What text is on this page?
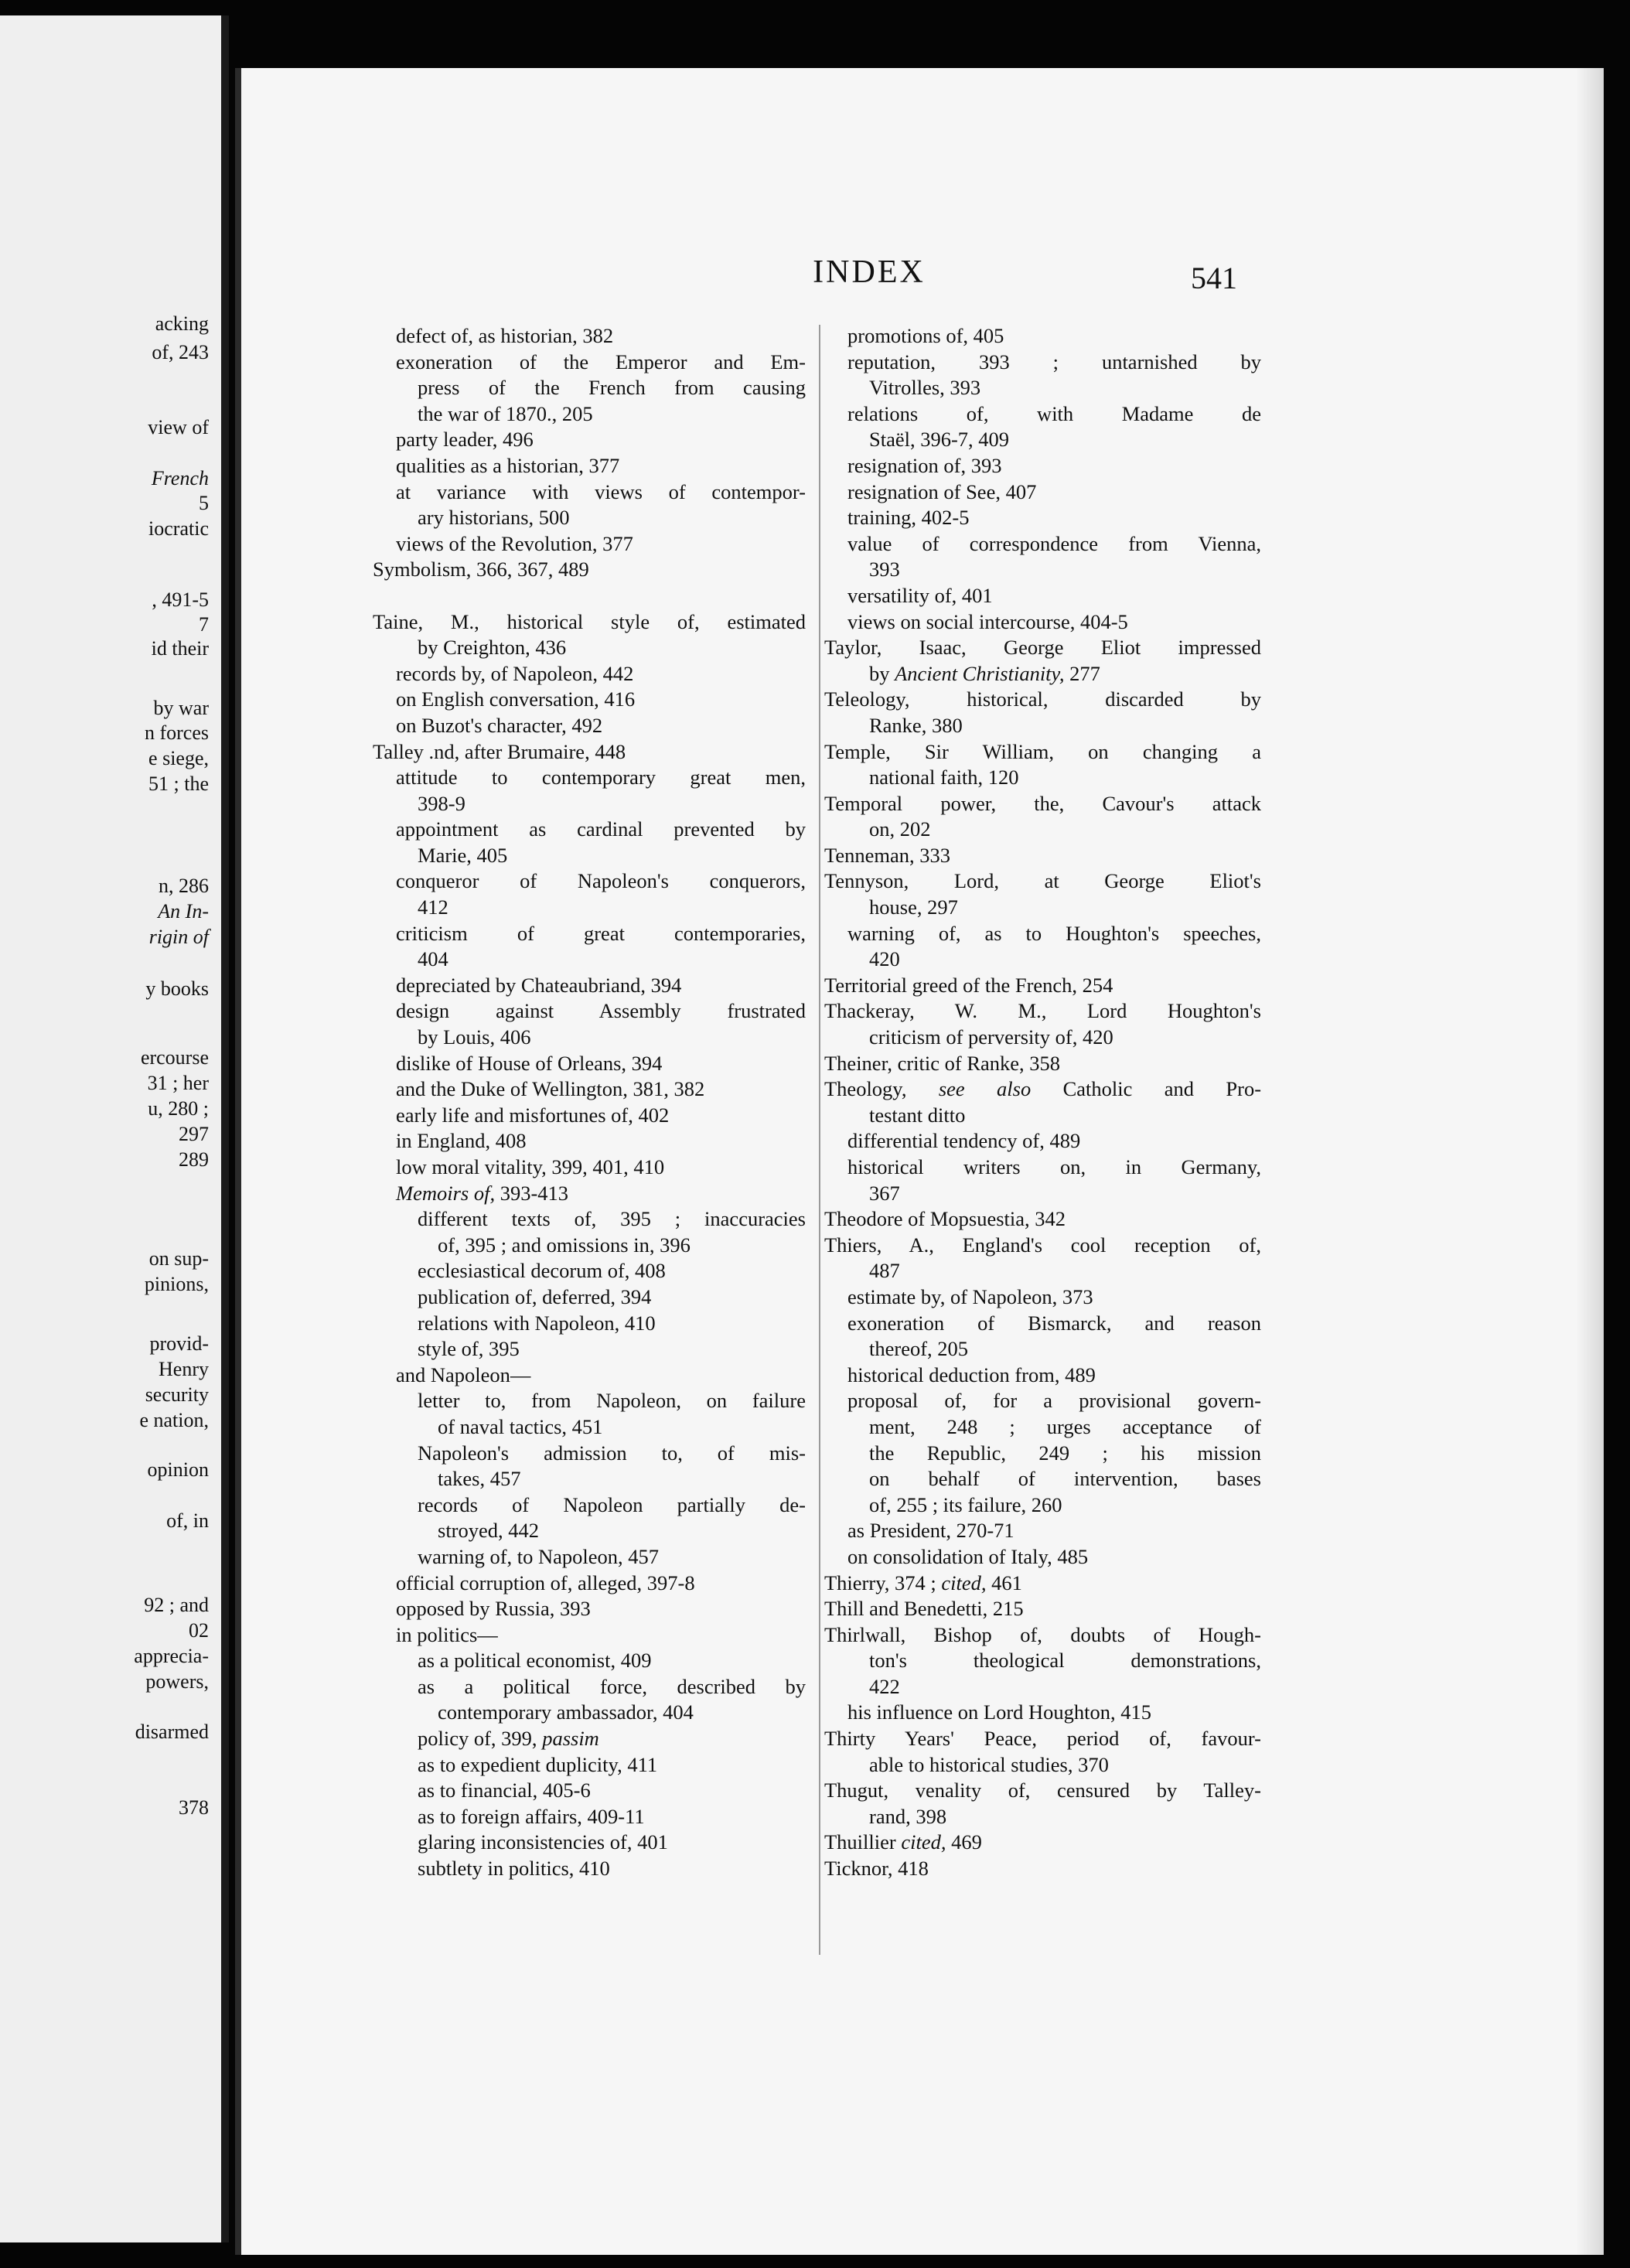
acking
of, 243
view of
French
5
iocratic
, 491-5
7
id their
by war
n forces
e siege,
51 ; the
n, 286
An In-
rigin of
y books
ercourse
31 ; her
u, 280 ;
297
289
on sup-
pinions,
provid-
Henry
security
e nation,
opinion
of, in
92 ; and
02
apprecia-
powers,
disarmed
378
INDEX	541
defect of, as historian, 382
exoneration of the Emperor and Em-
press of the French from causing
the war of 1870., 205
party leader, 496
qualities as a historian, 377
at variance with views of contempor-
ary historians, 500
views of the Revolution, 377
Symbolism, 366, 367, 489
Taine, M., historical style of, estimated
by Creighton, 436
records by, of Napoleon, 442
on English conversation, 416
on Buzot's character, 492
Talley .nd, after Brumaire, 448
attitude to contemporary great men,
398-9
appointment as cardinal prevented by
Marie, 405
conqueror of Napoleon's conquerors,
412
criticism of great contemporaries,
404
depreciated by Chateaubriand, 394
design against Assembly frustrated
by Louis, 406
dislike of House of Orleans, 394
and the Duke of Wellington, 381, 382
early life and misfortunes of, 402
in England, 408
low moral vitality, 399, 401, 410
Memoirs of, 393-413
different texts of, 395 ; inaccuracies
of, 395 ; and omissions in, 396
ecclesiastical decorum of, 408
publication of, deferred, 394
relations with Napoleon, 410
style of, 395
and Napoleon—
letter to, from Napoleon, on failure
of naval tactics, 451
Napoleon's admission to, of mis-
takes, 457
records of Napoleon partially de-
stroyed, 442
warning of, to Napoleon, 457
official corruption of, alleged, 397-8
opposed by Russia, 393
in politics—
as a political economist, 409
as a political force, described by
contemporary ambassador, 404
policy of, 399, passim
as to expedient duplicity, 411
as to financial, 405-6
as to foreign affairs, 409-11
glaring inconsistencies of, 401
subtlety in politics, 410
promotions of, 405
reputation, 393 ; untarnished by
Vitrolles, 393
relations of, with Madame de
Staël, 396-7, 409
resignation of, 393
resignation of See, 407
training, 402-5
value of correspondence from Vienna,
393
versatility of, 401
views on social intercourse, 404-5
Taylor, Isaac, George Eliot impressed
by Ancient Christianity, 277
Teleology, historical, discarded by
Ranke, 380
Temple, Sir William, on changing a
national faith, 120
Temporal power, the, Cavour's attack
on, 202
Tenneman, 333
Tennyson, Lord, at George Eliot's
house, 297
warning of, as to Houghton's speeches,
420
Territorial greed of the French, 254
Thackeray, W. M., Lord Houghton's
criticism of perversity of, 420
Theiner, critic of Ranke, 358
Theology, see also Catholic and Pro-
testant ditto
differential tendency of, 489
historical writers on, in Germany,
367
Theodore of Mopsuestia, 342
Thiers, A., England's cool reception of,
487
estimate by, of Napoleon, 373
exoneration of Bismarck, and reason
thereof, 205
historical deduction from, 489
proposal of, for a provisional govern-
ment, 248 ; urges acceptance of
the Republic, 249 ; his mission
on behalf of intervention, bases
of, 255 ; its failure, 260
as President, 270-71
on consolidation of Italy, 485
Thierry, 374 ; cited, 461
Thill and Benedetti, 215
Thirlwall, Bishop of, doubts of Hough-
ton's theological demonstrations,
422
his influence on Lord Houghton, 415
Thirty Years' Peace, period of, favour-
able to historical studies, 370
Thugut, venality of, censured by Talley-
rand, 398
Thuillier cited, 469
Ticknor, 418
